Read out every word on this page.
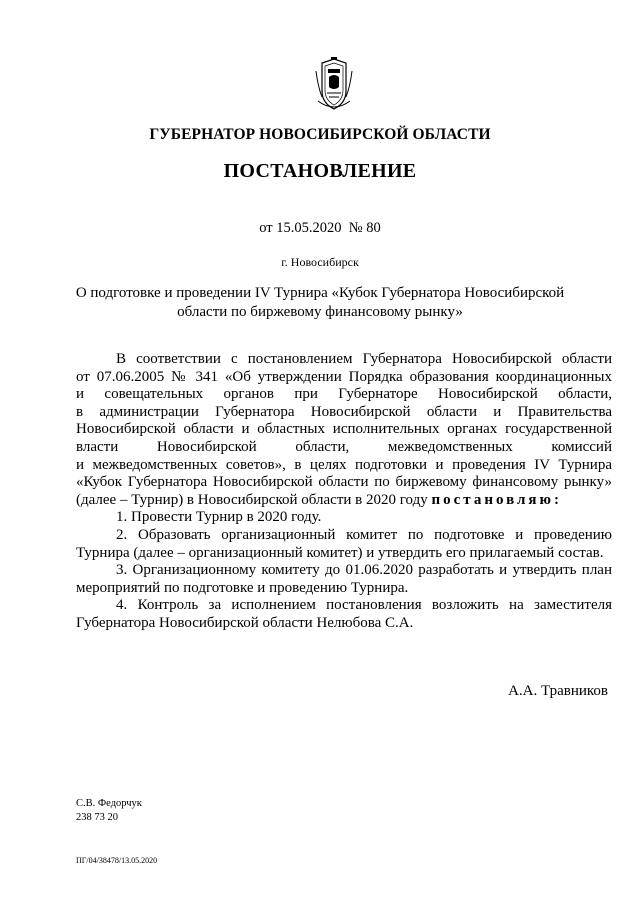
ГУБЕРНАТОР НОВОСИБИРСКОЙ ОБЛАСТИ
ПОСТАНОВЛЕНИЕ
от 15.05.2020  № 80
г. Новосибирск
О подготовке и проведении IV Турнира «Кубок Губернатора Новосибирской
области по биржевому финансовому рынку»
В соответствии с постановлением Губернатора Новосибирской области
от 07.06.2005 № 341 «Об утверждении Порядка образования координационных
и совещательных органов при Губернаторе Новосибирской области,
в администрации Губернатора Новосибирской области и Правительства
Новосибирской области и областных исполнительных органах государственной
власти Новосибирской области, межведомственных комиссий
и межведомственных советов», в целях подготовки и проведения IV Турнира
«Кубок Губернатора Новосибирской области по биржевому финансовому рынку»
(далее – Турнир) в Новосибирской области в 2020 году постановляю:
1. Провести Турнир в 2020 году.
2. Образовать организационный комитет по подготовке и проведению
Турнира (далее – организационный комитет) и утвердить его прилагаемый состав.
3. Организационному комитету до 01.06.2020 разработать и утвердить план
мероприятий по подготовке и проведению Турнира.
4. Контроль за исполнением постановления возложить на заместителя
Губернатора Новосибирской области Нелюбова С.А.
А.А. Травников
С.В. Федорчук
238 73 20
ПГ/04/38478/13.05.2020
